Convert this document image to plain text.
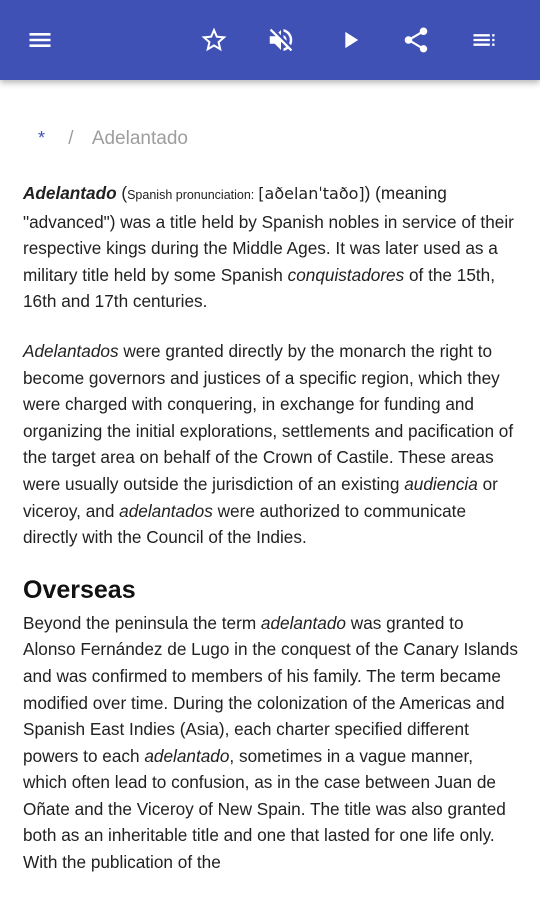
* / Adelantado

Adelantado (Spanish pronunciation: [aðelanˈtaðo]) (meaning "advanced") was a title held by Spanish nobles in service of their respective kings during the Middle Ages. It was later used as a military title held by some Spanish conquistadores of the 15th, 16th and 17th centuries.

Adelantados were granted directly by the monarch the right to become governors and justices of a specific region, which they were charged with conquering, in exchange for funding and organizing the initial explorations, settlements and pacification of the target area on behalf of the Crown of Castile. These areas were usually outside the jurisdiction of an existing audiencia or viceroy, and adelantados were authorized to communicate directly with the Council of the Indies.

Overseas

Beyond the peninsula the term adelantado was granted to Alonso Fernández de Lugo in the conquest of the Canary Islands and was confirmed to members of his family. The term became modified over time. During the colonization of the Americas and Spanish East Indies (Asia), each charter specified different powers to each adelantado, sometimes in a vague manner, which often lead to confusion, as in the case between Juan de Oñate and the Viceroy of New Spain. The title was also granted both as an inheritable title and one that lasted for one life only. With the publication of the
